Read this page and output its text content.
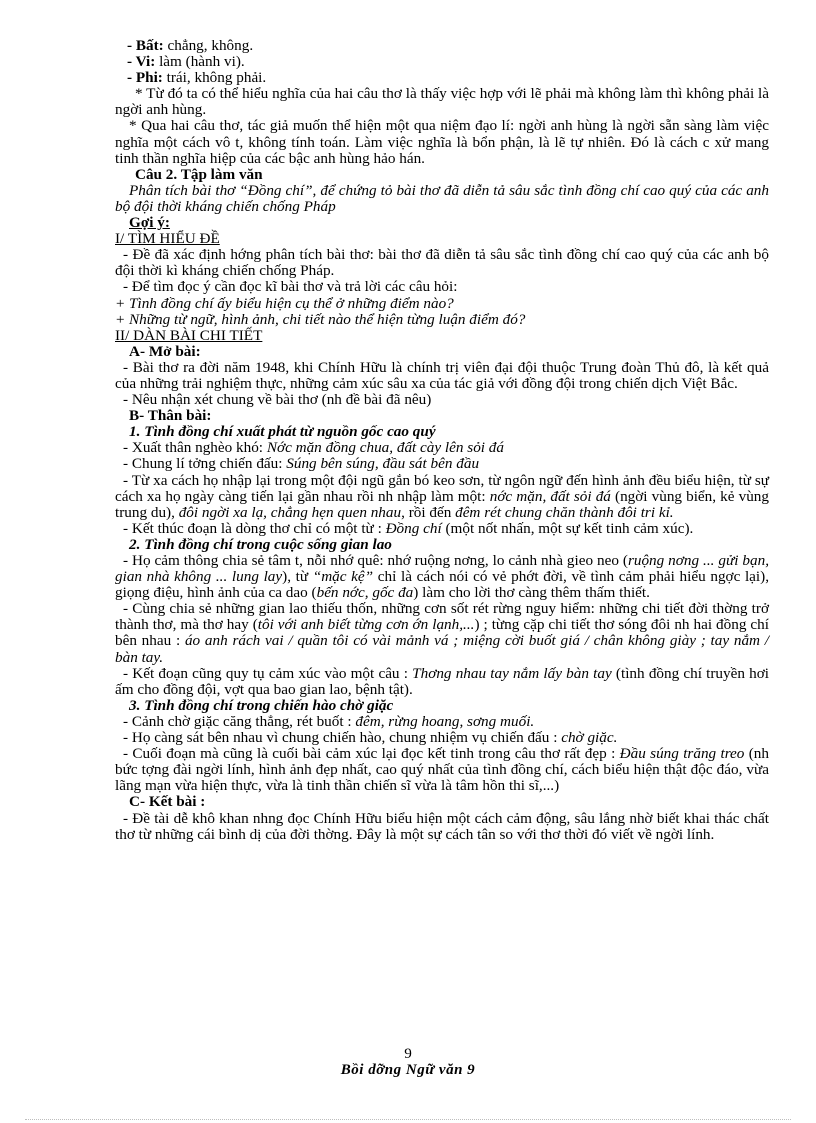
- Bất: chẳng, không.

- Vi: làm (hành vi).

- Phi: trái, không phải.

* Từ đó ta có thể hiểu nghĩa của hai câu thơ là thấy việc hợp với lẽ phải mà không làm thì không phải là ngời anh hùng.

* Qua hai câu thơ, tác giả muốn thể hiện một qua niệm đạo lí: ngời anh hùng là ngời sẵn sàng làm việc nghĩa một cách vô t, không tính toán. Làm việc nghĩa là bổn phận, là lẽ tự nhiên. Đó là cách c xử mang tinh thần nghĩa hiệp của các bậc anh hùng hảo hán.

Câu 2. Tập làm văn

Phân tích bài thơ “Đồng chí”, để chứng tỏ bài thơ đã diễn tả sâu sắc tình đồng chí cao quý của các anh bộ đội thời kháng chiến chống Pháp

Gợi ý:

I/ TÌM HIỂU ĐỀ

- Đề đã xác định hớng phân tích bài thơ: bài thơ đã diễn tả sâu sắc tình đồng chí cao quý của các anh bộ đội thời kì kháng chiến chống Pháp.

- Để tìm đọc ý cần đọc kĩ bài thơ và trả lời các câu hỏi:

+ Tình đồng chí ấy biểu hiện cụ thể ở những điểm nào?

+ Những từ ngữ, hình ảnh, chi tiết nào thể hiện từng luận điểm đó?

II/ DÀN BÀI CHI TIẾT

A- Mở bài:

- Bài thơ ra đời năm 1948, khi Chính Hữu là chính trị viên đại đội thuộc Trung đoàn Thủ đô, là kết quả của những trải nghiệm thực, những cảm xúc sâu xa của tác giả với đồng đội trong chiến dịch Việt Bắc.

- Nêu nhận xét chung về bài thơ (nh đề bài đã nêu)

B- Thân bài:

1. Tình đồng chí xuất phát từ nguồn gốc cao quý

- Xuất thân nghèo khó: Nớc mặn đồng chua, đất cày lên sỏi đá

- Chung lí tởng chiến đấu: Súng bên súng, đầu sát bên đầu

- Từ xa cách họ nhập lại trong một đội ngũ gắn bó keo sơn, từ ngôn ngữ đến hình ảnh đều biểu hiện, từ sự cách xa họ ngày càng tiến lại gần nhau rồi nh nhập làm một: nớc mặn, đất sỏi đá (ngời vùng biển, kẻ vùng trung du), đôi ngời xa lạ, chẳng hẹn quen nhau, rồi đến đêm rét chung chăn thành đôi tri kỉ.

- Kết thúc đoạn là dòng thơ chỉ có một từ : Đồng chí (một nốt nhấn, một sự kết tinh cảm xúc).

2. Tình đồng chí trong cuộc sống gian lao

- Họ cảm thông chia sẻ tâm t, nỗi nhớ quê: nhớ ruộng nơng, lo cảnh nhà gieo neo (ruộng nơng ... gửi bạn, gian nhà không ... lung lay), từ “mặc kệ” chỉ là cách nói có vẻ phớt đời, về tình cảm phải hiểu ngợc lại), giọng điệu, hình ảnh của ca dao (bến nớc, gốc đa) làm cho lời thơ càng thêm thấm thiết.

- Cùng chia sẻ những gian lao thiếu thốn, những cơn sốt rét rừng nguy hiểm: những chi tiết đời thờng trở thành thơ, mà thơ hay (tôi với anh biết từng cơn ớn lạnh,...) ; từng cặp chi tiết thơ sóng đôi nh hai đồng chí bên nhau : áo anh rách vai / quần tôi có vài mảnh vá ; miệng cời buốt giá / chân không giày ; tay nắm / bàn tay.

- Kết đoạn cũng quy tụ cảm xúc vào một câu : Thơng nhau tay nắm lấy bàn tay (tình đồng chí truyền hơi ấm cho đồng đội, vợt qua bao gian lao, bệnh tật).

3. Tình đồng chí trong chiến hào chờ giặc

- Cảnh chờ giặc căng thẳng, rét buốt : đêm, rừng hoang, sơng muối.

- Họ càng sát bên nhau vì chung chiến hào, chung nhiệm vụ chiến đấu : chờ giặc.

- Cuối đoạn mà cũng là cuối bài cảm xúc lại đọc kết tinh trong câu thơ rất đẹp : Đầu súng trăng treo (nh bức tợng đài ngời lính, hình ảnh đẹp nhất, cao quý nhất của tình đồng chí, cách biểu hiện thật độc đáo, vừa lãng mạn vừa hiện thực, vừa là tinh thần chiến sĩ vừa là tâm hồn thi sĩ,...)

C- Kết bài :

- Đề tài dễ khô khan nhng đọc Chính Hữu biểu hiện một cách cảm động, sâu lắng nhờ biết khai thác chất thơ từ những cái bình dị của đời thờng. Đây là một sự cách tân so với thơ thời đó viết về ngời lính.

9
Bồi dỡng Ngữ văn 9
